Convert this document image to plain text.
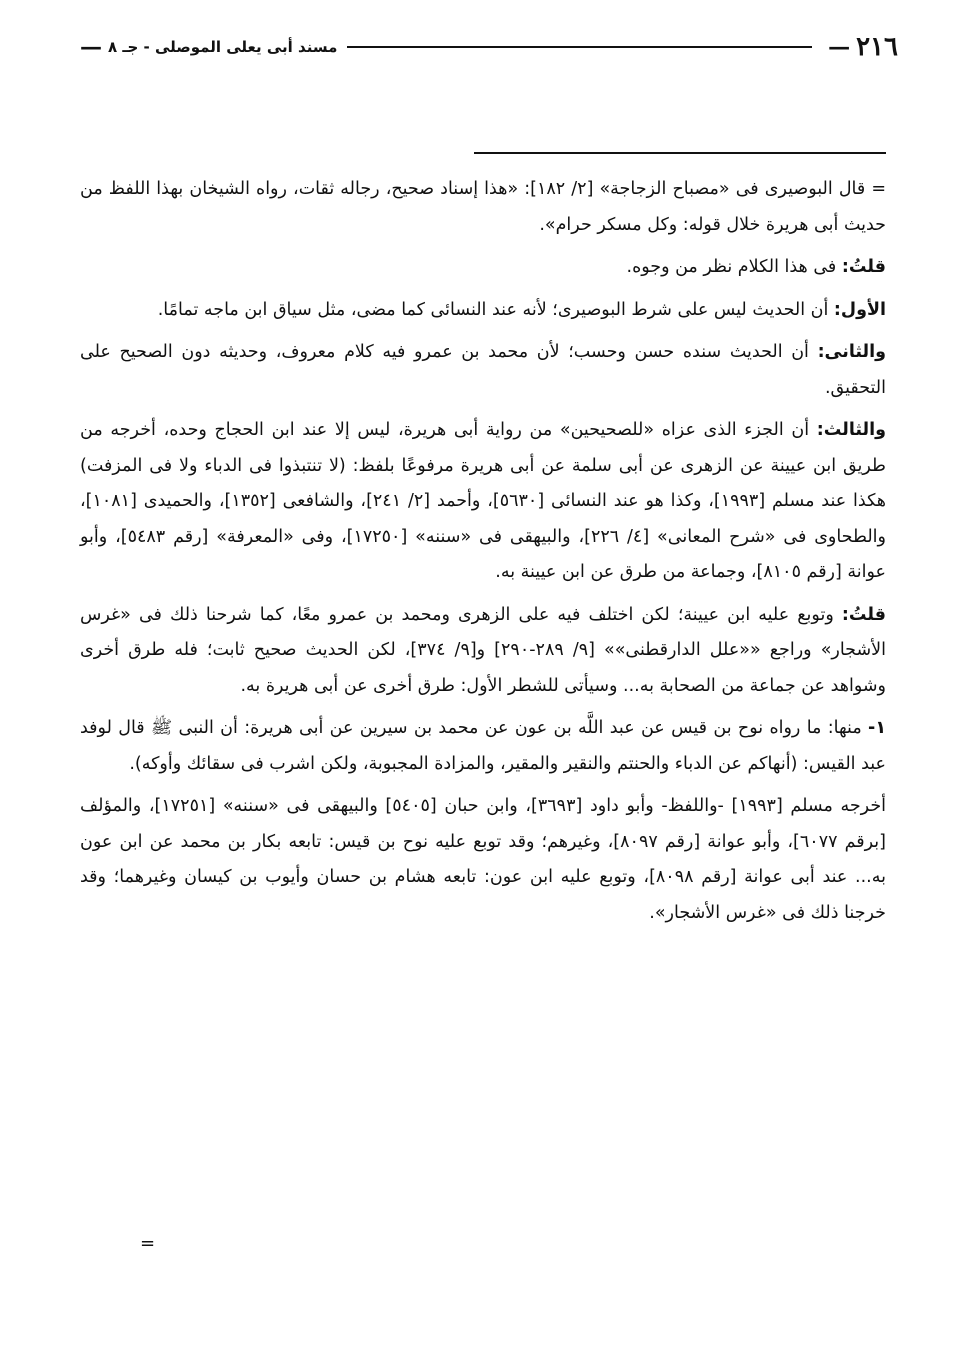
٢١٦
—
مسند أبى يعلى الموصلى - جـ ٨
—

= قال البوصيرى فى «مصباح الزجاجة» [٢/ ١٨٢]: «هذا إسناد صحيح، رجاله ثقات، رواه الشيخان بهذا اللفظ من حديث أبى هريرة خلال قوله: وكل مسكر حرام».

قلتُ: فى هذا الكلام نظر من وجوه.

الأول: أن الحديث ليس على شرط البوصيرى؛ لأنه عند النسائى كما مضى، مثل سياق ابن ماجه تمامًا.

والثانى: أن الحديث سنده حسن وحسب؛ لأن محمد بن عمرو فيه كلام معروف، وحديثه دون الصحيح على التحقيق.

والثالث: أن الجزء الذى عزاه «للصحيحين» من رواية أبى هريرة، ليس إلا عند ابن الحجاج وحده، أخرجه من طريق ابن عيينة عن الزهرى عن أبى سلمة عن أبى هريرة مرفوعًا بلفظ: (لا تنتبذوا فى الدباء ولا فى المزفت) هكذا عند مسلم [١٩٩٣]، وكذا هو عند النسائى [٥٦٣٠]، وأحمد [٢/ ٢٤١]، والشافعى [١٣٥٢]، والحميدى [١٠٨١]، والطحاوى فى «شرح المعانى» [٤/ ٢٢٦]، والبيهقى فى «سننه» [١٧٢٥٠]، وفى «المعرفة» [رقم ٥٤٨٣]، وأبو عوانة [رقم ٨١٠٥]، وجماعة من طرق عن ابن عيينة به.

قلتُ: وتوبع عليه ابن عيينة؛ لكن اختلف فيه على الزهرى ومحمد بن عمرو معًا، كما شرحنا ذلك فى «غرس الأشجار» وراجع ««علل الدارقطنى»» [٩/ ٢٨٩-٢٩٠] و[٩/ ٣٧٤]، لكن الحديث صحيح ثابت؛ فله طرق أخرى وشواهد عن جماعة من الصحابة به... وسيأتى للشطر الأول: طرق أخرى عن أبى هريرة به.

١- منها: ما رواه نوح بن قيس عن عبد اللَّه بن عون عن محمد بن سيرين عن أبى هريرة: أن النبى ﷺ قال لوفد عبد القيس: (أنهاكم عن الدباء والحنتم والنقير والمقير، والمزادة المجبوبة، ولكن اشرب فى سقائك وأوكه).

أخرجه مسلم [١٩٩٣] -واللفظ- وأبو داود [٣٦٩٣]، وابن حبان [٥٤٠٥] والبيهقى فى «سننه» [١٧٢٥١]، والمؤلف [برقم ٦٠٧٧]، وأبو عوانة [رقم ٨٠٩٧]، وغيرهم؛ وقد توبع عليه نوح بن قيس: تابعه بكار بن محمد عن ابن عون به... عند أبى عوانة [رقم ٨٠٩٨]، وتوبع عليه ابن عون: تابعه هشام بن حسان وأيوب بن كيسان وغيرهما؛ وقد خرجنا ذلك فى «غرس الأشجار».

=
